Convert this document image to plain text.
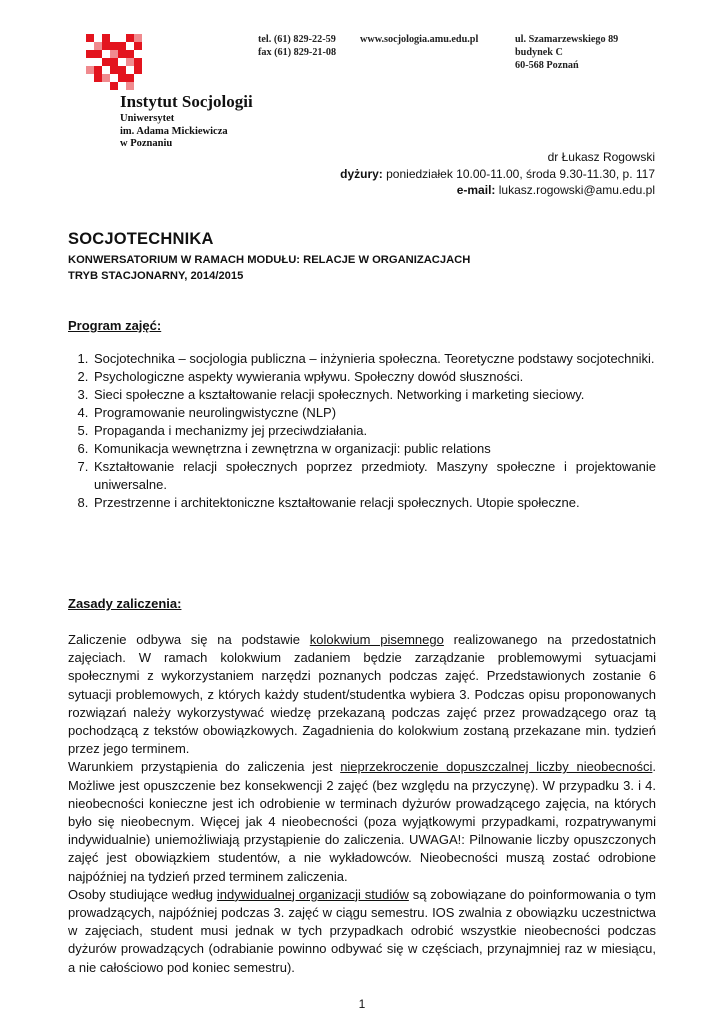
tel. (61) 829-22-59
fax (61) 829-21-08
www.socjologia.amu.edu.pl	ul. Szamarzewskiego 89
budynek C
60-568 Poznań
Instytut Socjologii
Uniwersytet
im. Adama Mickiewicza
w Poznaniu
dr Łukasz Rogowski
dyżury: poniedziałek 10.00-11.00, środa 9.30-11.30, p. 117
e-mail: lukasz.rogowski@amu.edu.pl
SOCJOTECHNIKA
KONWERSATORIUM W RAMACH MODUŁU: RELACJE W ORGANIZACJACH
TRYB STACJONARNY, 2014/2015
Program zajęć:
1. Socjotechnika – socjologia publiczna – inżynieria społeczna. Teoretyczne podstawy socjotechniki.
2. Psychologiczne aspekty wywierania wpływu. Społeczny dowód słuszności.
3. Sieci społeczne a kształtowanie relacji społecznych. Networking i marketing sieciowy.
4. Programowanie neurolingwistyczne (NLP)
5. Propaganda i mechanizmy jej przeciwdziałania.
6. Komunikacja wewnętrzna i zewnętrzna w organizacji: public relations
7. Kształtowanie relacji społecznych poprzez przedmioty. Maszyny społeczne i projektowanie uniwersalne.
8. Przestrzenne i architektoniczne kształtowanie relacji społecznych. Utopie społeczne.
Zasady zaliczenia:

Zaliczenie odbywa się na podstawie kolokwium pisemnego realizowanego na przedostatnich zajęciach. W ramach kolokwium zadaniem będzie zarządzanie problemowymi sytuacjami społecznymi z wykorzystaniem narzędzi poznanych podczas zajęć. Przedstawionych zostanie 6 sytuacji problemowych, z których każdy student/studentka wybiera 3. Podczas opisu proponowanych rozwiązań należy wykorzystywać wiedzę przekazaną podczas zajęć przez prowadzącego oraz tą pochodzącą z tekstów obowiązkowych. Zagadnienia do kolokwium zostaną przekazane min. tydzień przez jego terminem.

Warunkiem przystąpienia do zaliczenia jest nieprzekroczenie dopuszczalnej liczby nieobecności. Możliwe jest opuszczenie bez konsekwencji 2 zajęć (bez względu na przyczynę). W przypadku 3. i 4. nieobecności konieczne jest ich odrobienie w terminach dyżurów prowadzącego zajęcia, na których było się nieobecnym. Więcej jak 4 nieobecności (poza wyjątkowymi przypadkami, rozpatrywanymi indywidualnie) uniemożliwiają przystąpienie do zaliczenia. UWAGA!: Pilnowanie liczby opuszczonych zajęć jest obowiązkiem studentów, a nie wykładowców. Nieobecności muszą zostać odrobione najpóźniej na tydzień przed terminem zaliczenia.

Osoby studiujące według indywidualnej organizacji studiów są zobowiązane do poinformowania o tym prowadzących, najpóźniej podczas 3. zajęć w ciągu semestru. IOS zwalnia z obowiązku uczestnictwa w zajęciach, student musi jednak w tych przypadkach odrobić wszystkie nieobecności podczas dyżurów prowadzących (odrabianie powinno odbywać się w częściach, przynajmniej raz w miesiącu, a nie całościowo pod koniec semestru).

1
